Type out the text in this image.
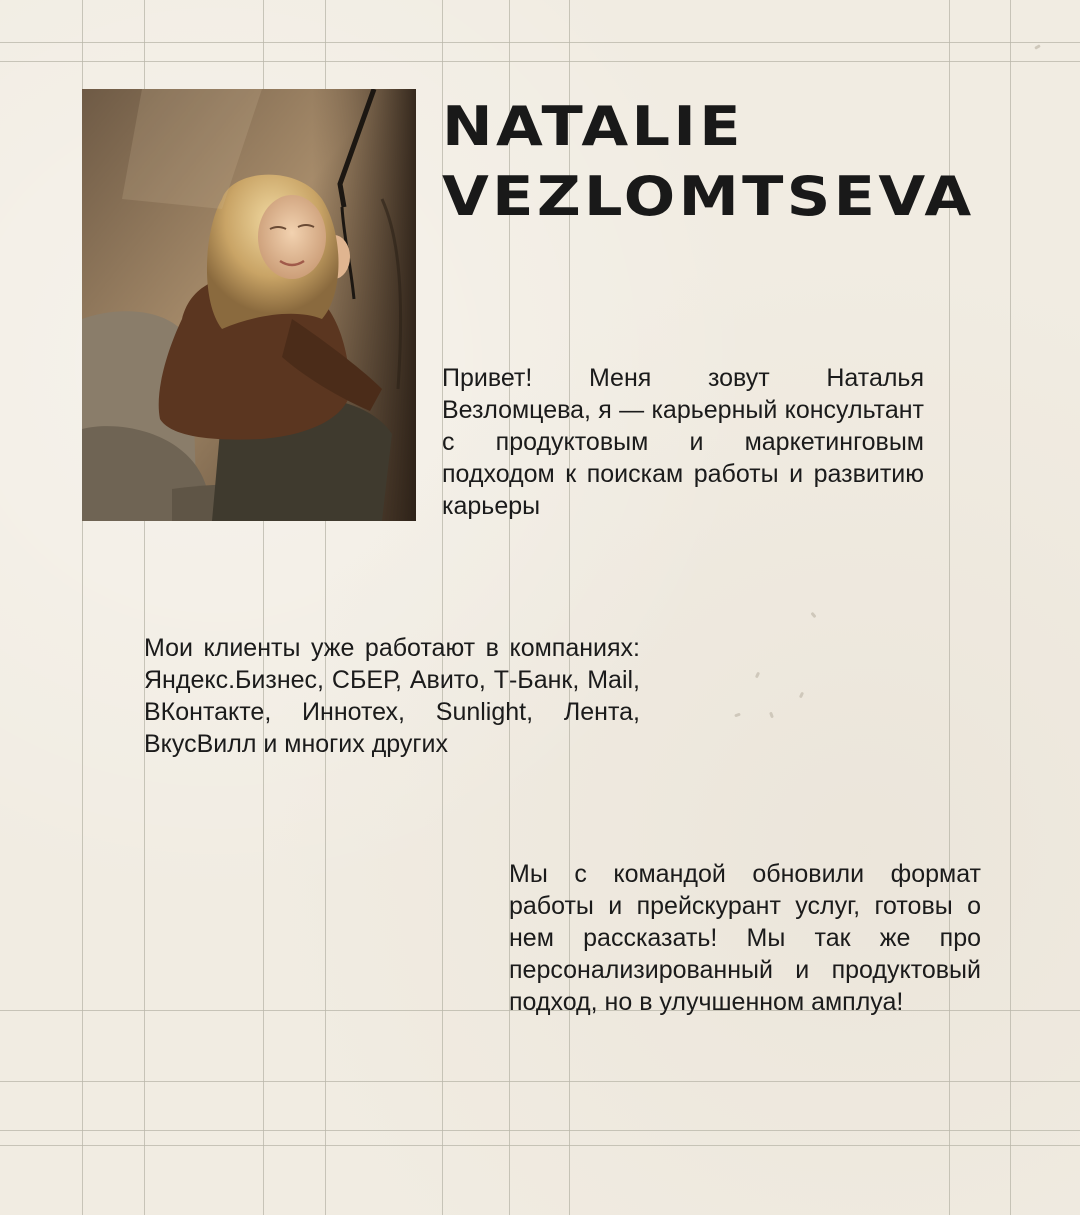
NATALIE
VEZLOMTSEVA

Привет! Меня зовут Наталья Везломцева, я — карьерный консультант с продуктовым и маркетинговым подходом к поискам работы и развитию карьеры

Мои клиенты уже работают в компаниях: Яндекс.Бизнес, СБЕР, Авито, Т-Банк, Mail, ВКонтакте, Иннотех, Sunlight, Лента, ВкусВилл и многих других

Мы с командой обновили формат работы и прейскурант услуг, готовы о нем рассказать! Мы так же про персонализированный и продуктовый подход, но в улучшенном амплуа!
